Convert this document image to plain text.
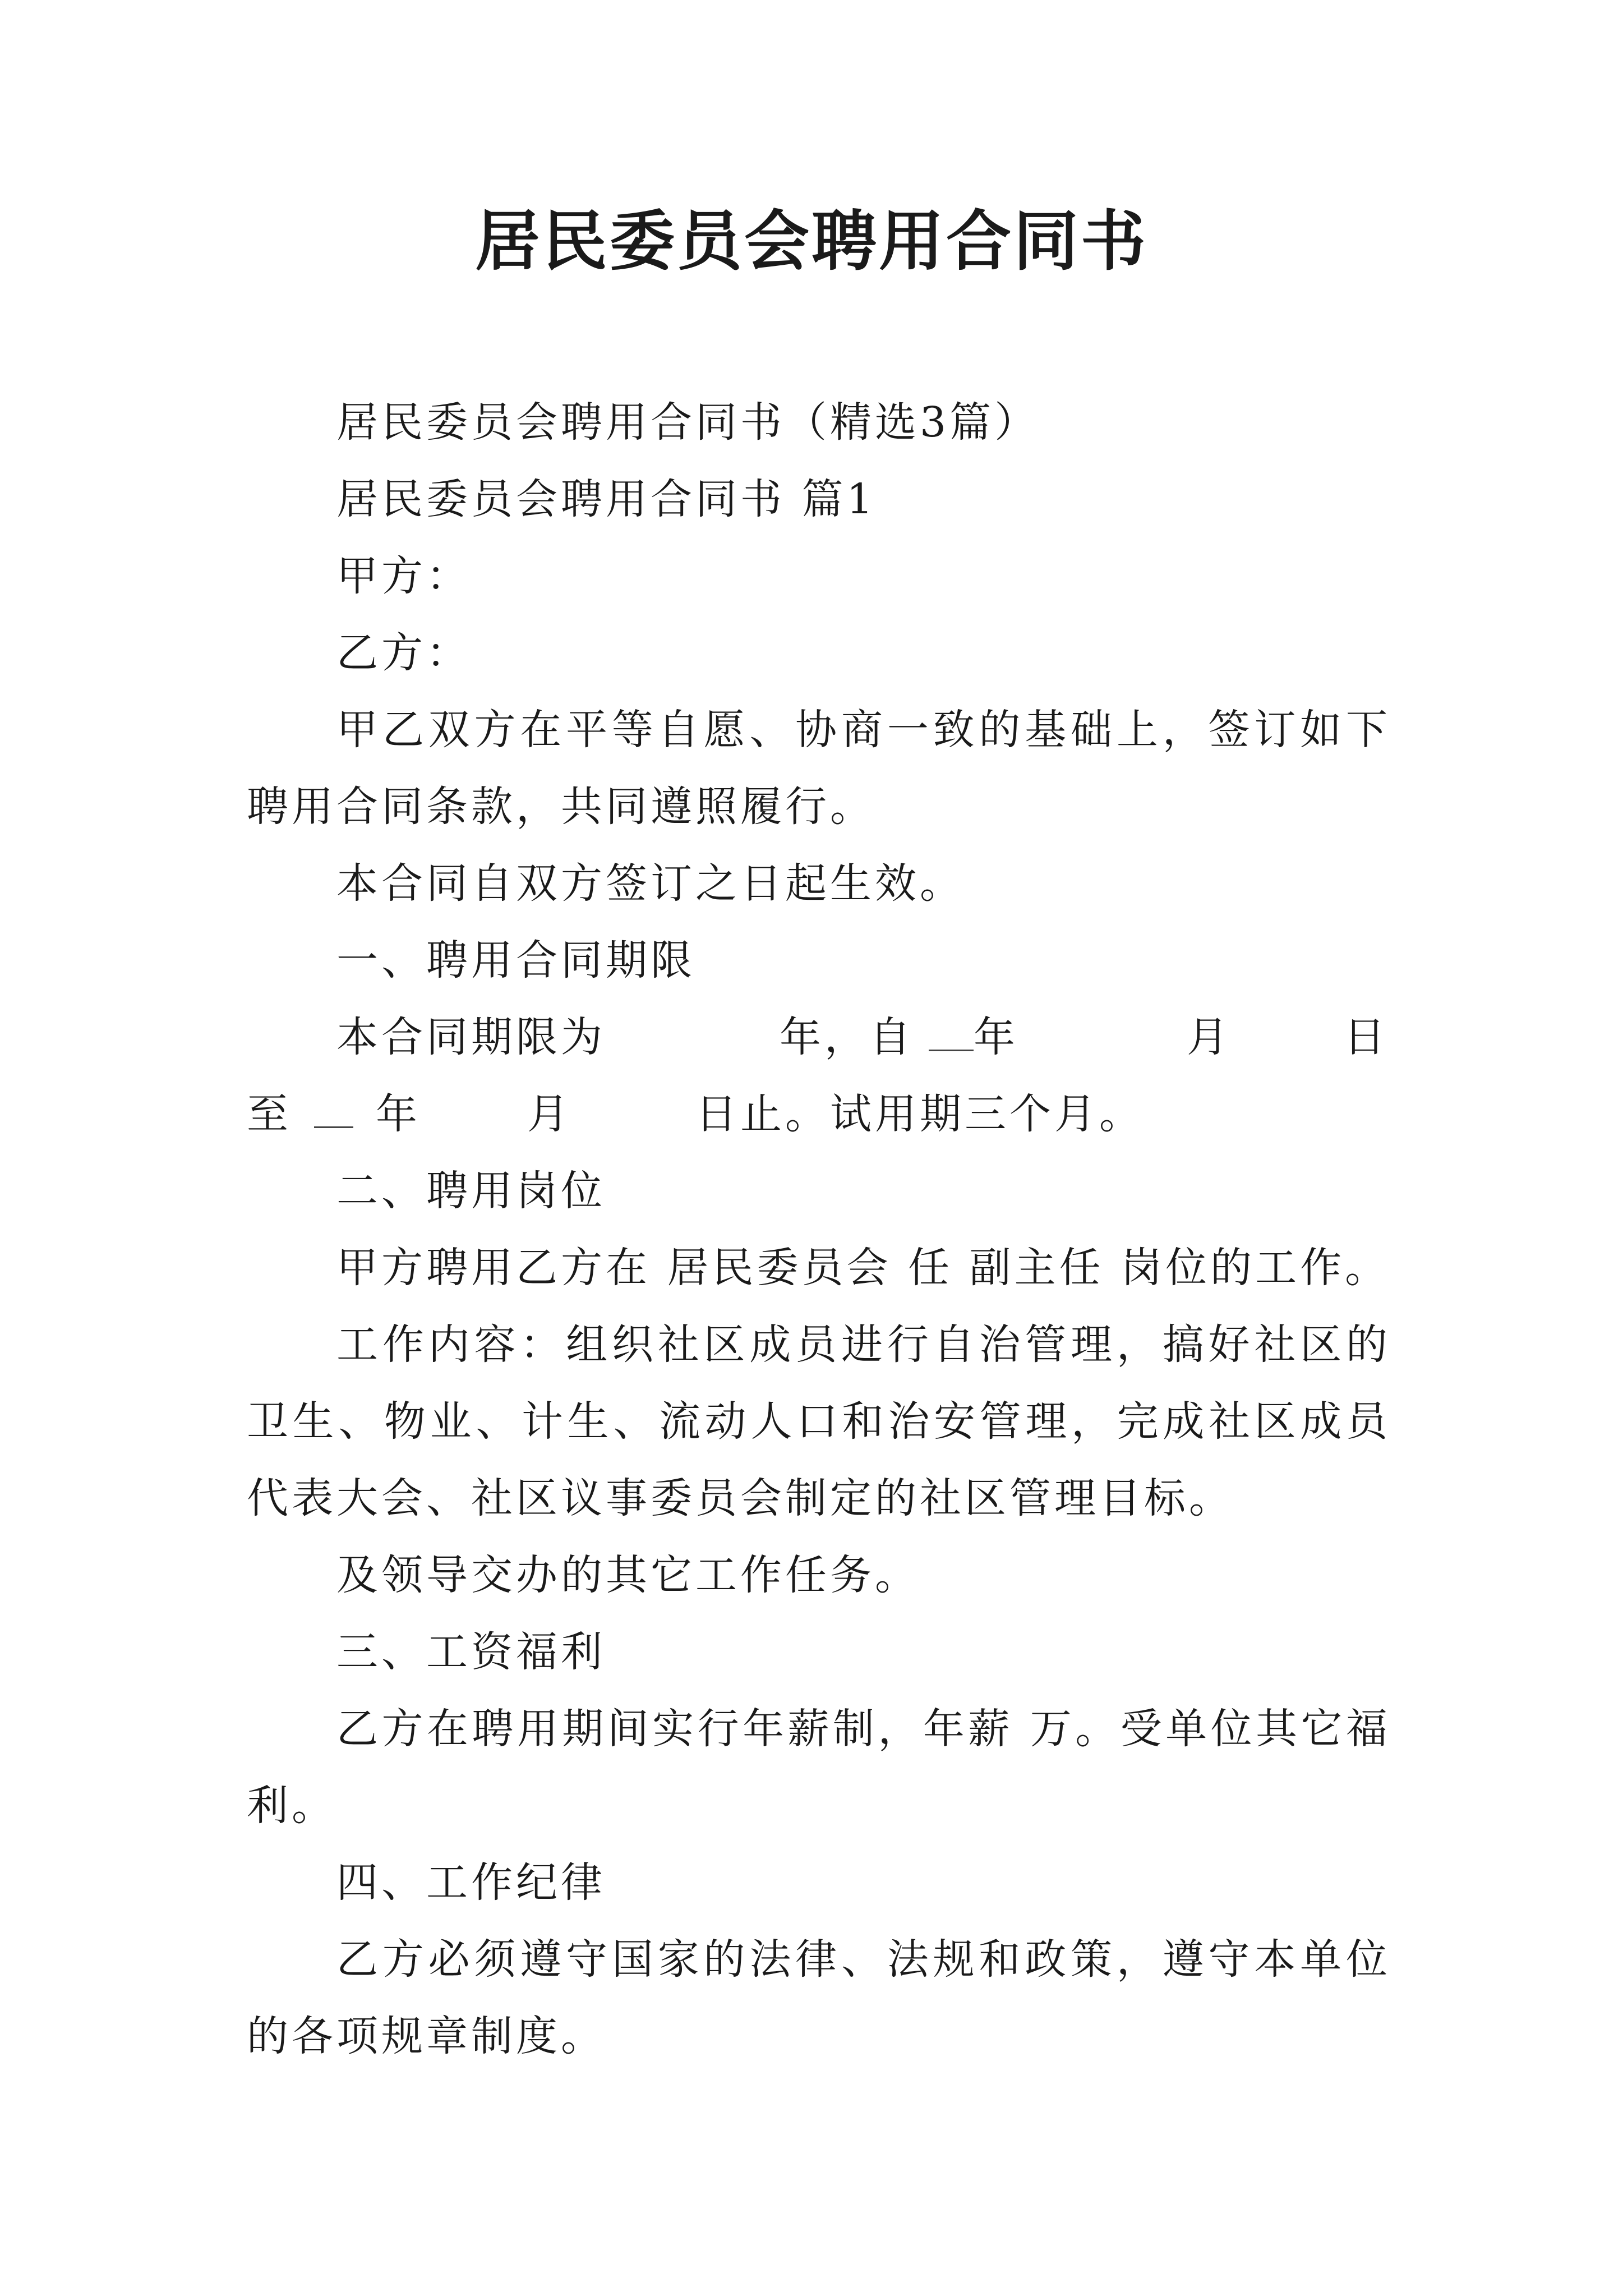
居民委员会聘用合同书

居民委员会聘用合同书（精选3篇）

居民委员会聘用合同书 篇1

甲方：

乙方：

甲乙双方在平等自愿、协商一致的基础上，签订如下聘用合同条款，共同遵照履行。

本合同自双方签订之日起生效。

一、聘用合同期限

本合同期限为	年，自 年	月	日

至 年	月	日止。试用期三个月。

二、聘用岗位

甲方聘用乙方在 居民委员会 任 副主任 岗位的工作。

工作内容：组织社区成员进行自治管理，搞好社区的卫生、物业、计生、流动人口和治安管理，完成社区成员代表大会、社区议事委员会制定的社区管理目标。

及领导交办的其它工作任务。

三、工资福利

乙方在聘用期间实行年薪制，年薪 万。受单位其它福利。

四、工作纪律

乙方必须遵守国家的法律、法规和政策，遵守本单位的各项规章制度。
